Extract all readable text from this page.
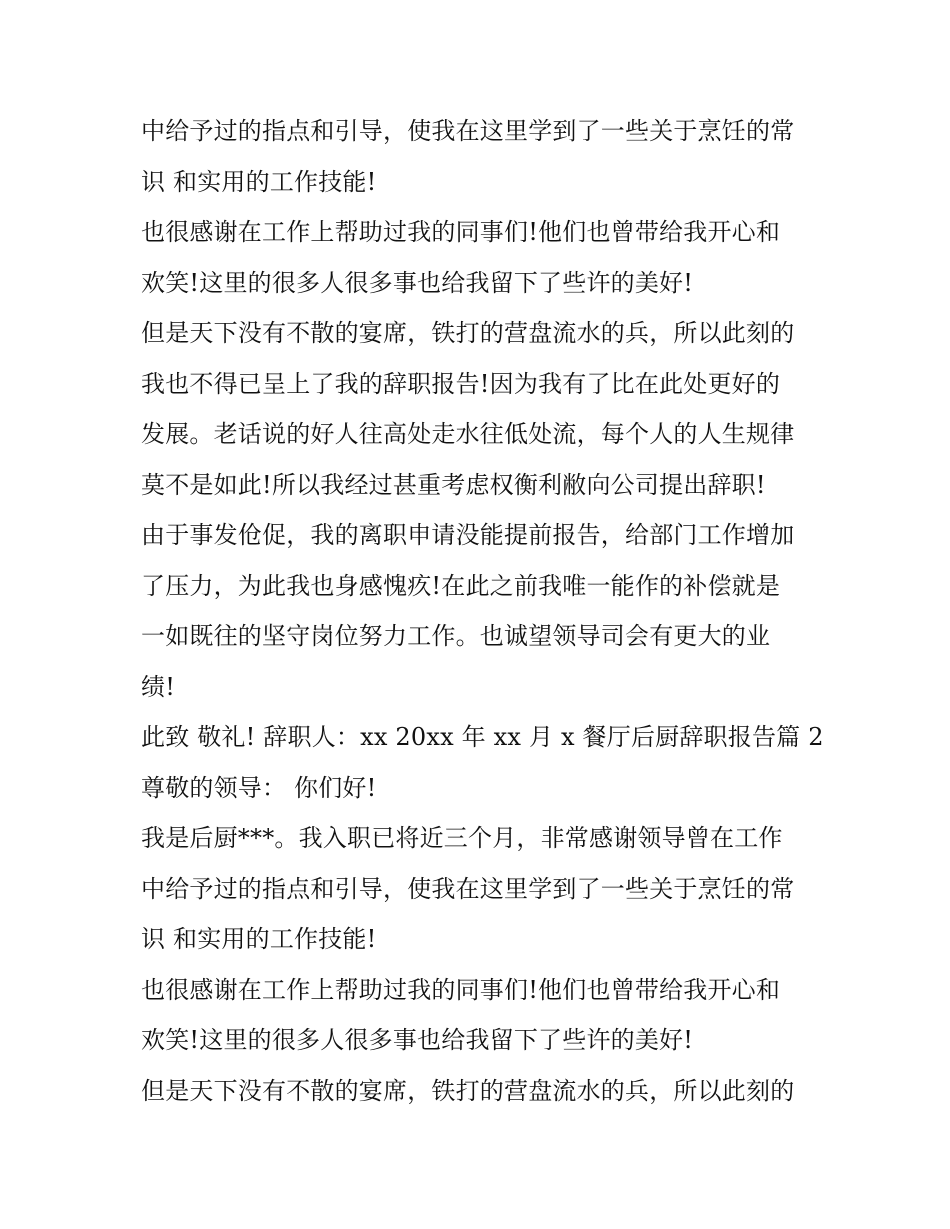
中给予过的指点和引导，使我在这里学到了一些关于烹饪的常
识 和实用的工作技能!
也很感谢在工作上帮助过我的同事们!他们也曾带给我开心和
欢笑!这里的很多人很多事也给我留下了些许的美好!
但是天下没有不散的宴席，铁打的营盘流水的兵，所以此刻的
我也不得已呈上了我的辞职报告!因为我有了比在此处更好的
发展。老话说的好人往高处走水往低处流，每个人的人生规律
莫不是如此!所以我经过甚重考虑权衡利敝向公司提出辞职!
由于事发伧促，我的离职申请没能提前报告，给部门工作增加
了压力，为此我也身感愧疚!在此之前我唯一能作的补偿就是
一如既往的坚守岗位努力工作。也诚望领导司会有更大的业
绩!
此致 敬礼! 辞职人：xx 20xx 年 xx 月 x 餐厅后厨辞职报告篇 2
尊敬的领导： 你们好!
我是后厨***。我入职已将近三个月，非常感谢领导曾在工作
中给予过的指点和引导，使我在这里学到了一些关于烹饪的常
识 和实用的工作技能!
也很感谢在工作上帮助过我的同事们!他们也曾带给我开心和
欢笑!这里的很多人很多事也给我留下了些许的美好!
但是天下没有不散的宴席，铁打的营盘流水的兵，所以此刻的
